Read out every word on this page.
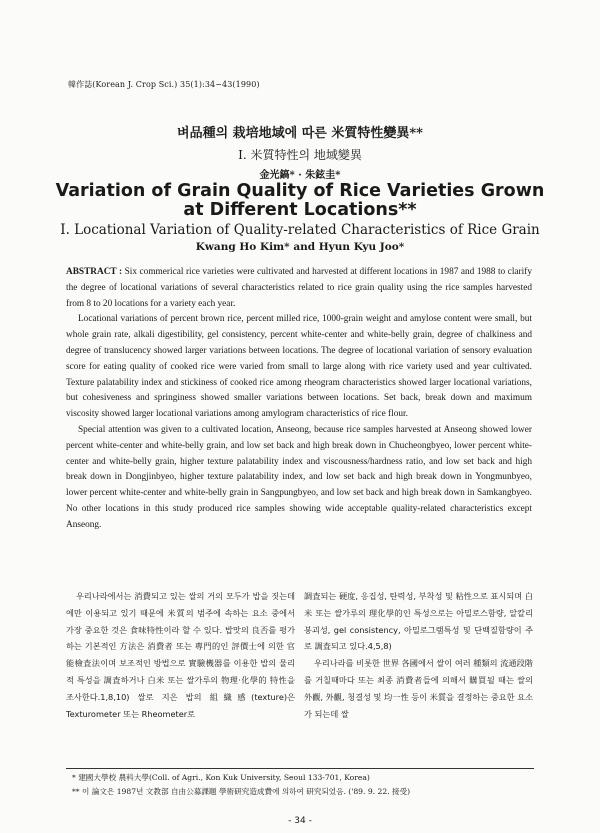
韓作誌(Korean J. Crop Sci.) 35(1):34~43(1990)
벼品種의 栽培地域에 따른 米質特性變異**
I. 米質特性의 地域變異
金光鎬* · 朱鉉圭*
Variation of Grain Quality of Rice Varieties Grown
at Different Locations**
I. Locational Variation of Quality-related Characteristics of Rice Grain
Kwang Ho Kim* and Hyun Kyu Joo*

ABSTRACT : Six commerical rice varieties were cultivated and harvested at different locations in 1987 and 1988 to clarify the degree of locational variations of several characteristics related to rice grain quality using the rice samples harvested from 8 to 20 locations for a variety each year.

Locational variations of percent brown rice, percent milled rice, 1000-grain weight and amylose content were small, but whole grain rate, alkali digestibility, gel consistency, percent white-center and white-belly grain, degree of chalkiness and degree of translucency showed larger variations between locations. The degree of locational variation of sensory evaluation score for eating quality of cooked rice were varied from small to large along with rice variety used and year cultivated. Texture palatability index and stickiness of cooked rice among rheogram characteristics showed larger locational variations, but cohesiveness and springiness showed smaller variations between locations. Set back, break down and maximum viscosity showed larger locational variations among amylogram characteristics of rice flour.

Special attention was given to a cultivated location, Anseong, because rice samples harvested at Anseong showed lower percent white-center and white-belly grain, and low set back and high break down in Chucheongbyeo, lower percent white-center and white-belly grain, higher texture palatability index and viscousness/hardness ratio, and low set back and high break down in Dongjinbyeo, higher texture palatability index, and low set back and high break down in Yongmunbyeo, lower percent white-center and white-belly grain in Sangpungbyeo, and low set back and high break down in Samkangbyeo. No other locations in this study produced rice samples showing wide acceptable quality-related characteristics except Anseong.

우리나라에서는 消費되고 있는 쌀의 거의 모두가 밥을 짓는데에만 이용되고 있기 때문에 米質의 범주에 속하는 요소 중에서 가장 중요한 것은 食味特性이라 할 수 있다. 밥맛의 良否를 평가하는 기본적인 方法은 消費者 또는 專門的인 評價士에 의한 官能檢査法이며 보조적인 방법으로 實驗機器를 이용한 밥의 물리적 특성을 調査하거나 白米 또는 쌀가루의 物理·化學的 特性을 조사한다.1,8,10) 쌀로 지은 밥의 組織感(texture)은 Texturometer 또는 Rheometer로

調査되는 硬度, 응집성, 탄력성, 부착성 및 粘性으로 표시되며 白米 또는 쌀가루의 理化學的인 특성으로는 아밀로스함량, 알칼리붕괴성, gel consistency, 아밀로그램특성 및 단백질함량이 주로 調査되고 있다.4,5,8)

우리나라를 비롯한 世界 各國에서 쌀이 여러 種類의 流通段階를 거칠때마다 또는 최종 消費者들에 의해서 購買될 때는 쌀의 外觀, 外觀, 청결성 및 均一性 등이 米質을 결정하는 중요한 요소가 되는데 쌀

* 建國大學校 農科大學(Coll. of Agri., Kon Kuk University, Seoul 133-701, Korea)
** 이 論文은 1987년 文教部 自由公募課題 學術研究造成費에 의하여 研究되었음. ('89. 9. 22. 接受)
- 34 -
